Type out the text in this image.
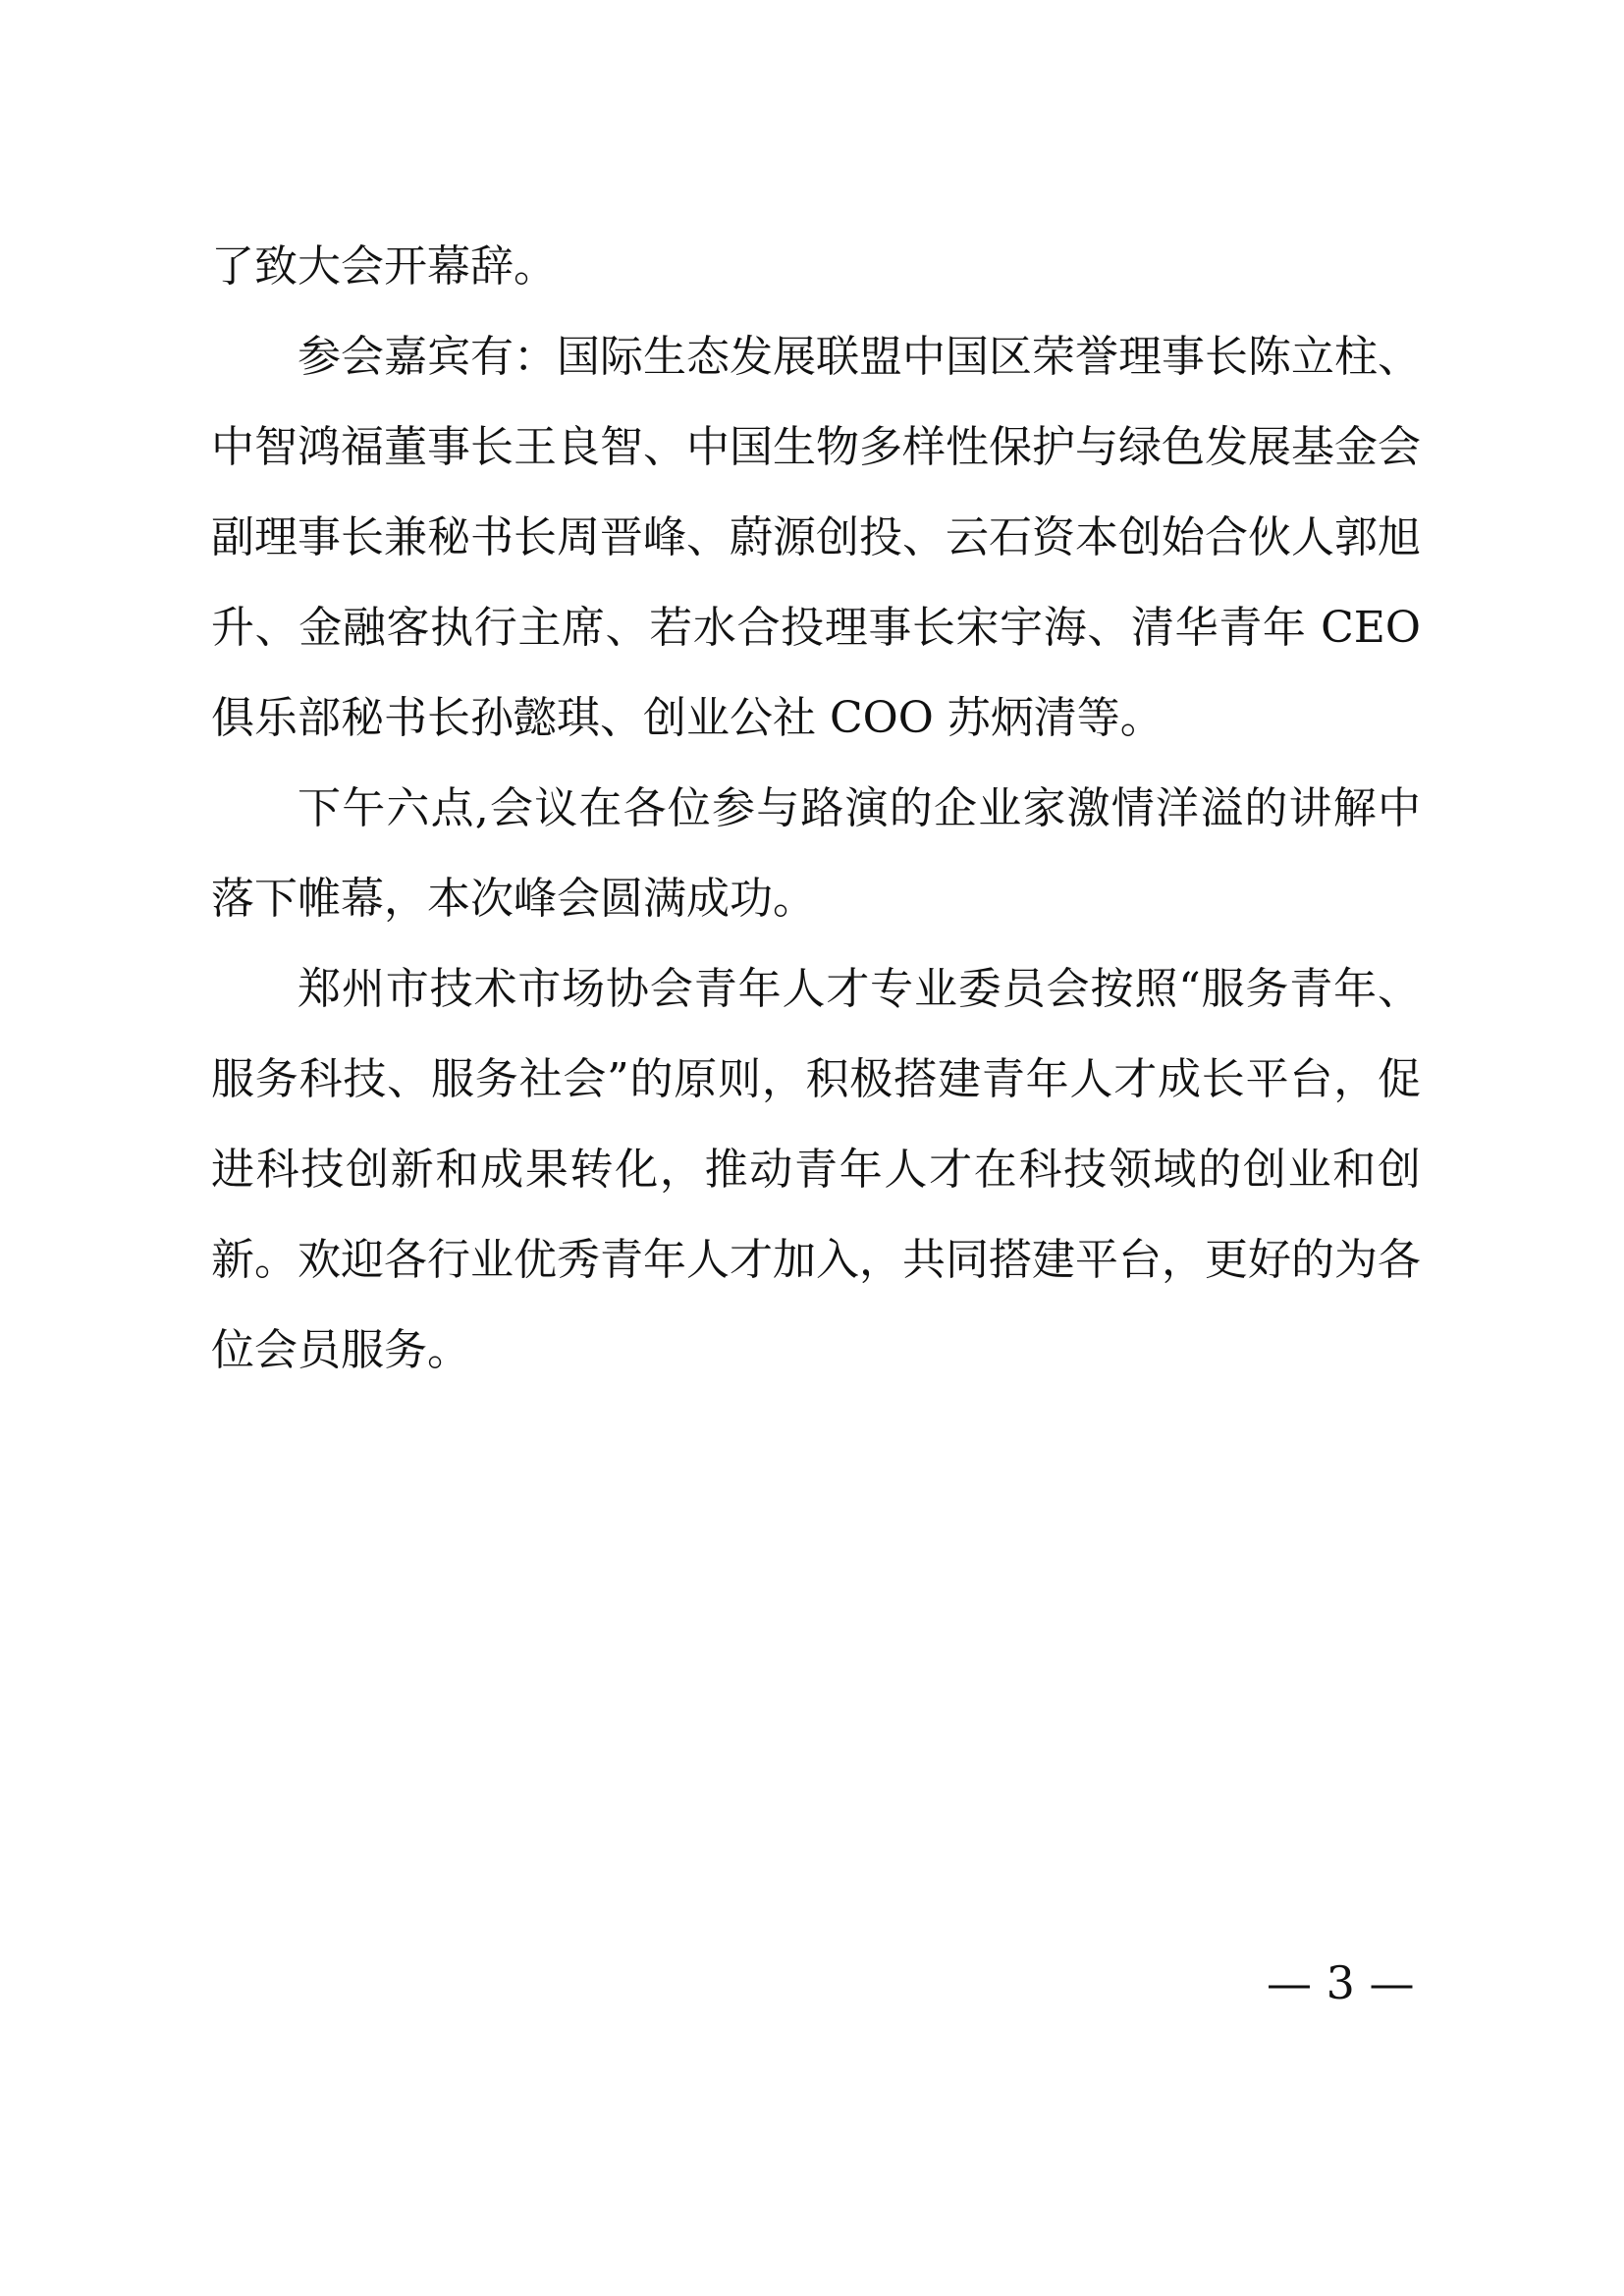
了致大会开幕辞。
参会嘉宾有：国际生态发展联盟中国区荣誉理事长陈立柱、
中智鸿福董事长王良智、中国生物多样性保护与绿色发展基金会
副理事长兼秘书长周晋峰、蔚源创投、云石资本创始合伙人郭旭
升、金融客执行主席、若水合投理事长宋宇海、清华青年 CEO
俱乐部秘书长孙懿琪、创业公社 COO 苏炳清等。
下午六点,会议在各位参与路演的企业家激情洋溢的讲解中
落下帷幕，本次峰会圆满成功。
郑州市技术市场协会青年人才专业委员会按照“服务青年、
服务科技、服务社会”的原则，积极搭建青年人才成长平台，促
进科技创新和成果转化，推动青年人才在科技领域的创业和创
新。欢迎各行业优秀青年人才加入，共同搭建平台，更好的为各
位会员服务。
— 3 —
